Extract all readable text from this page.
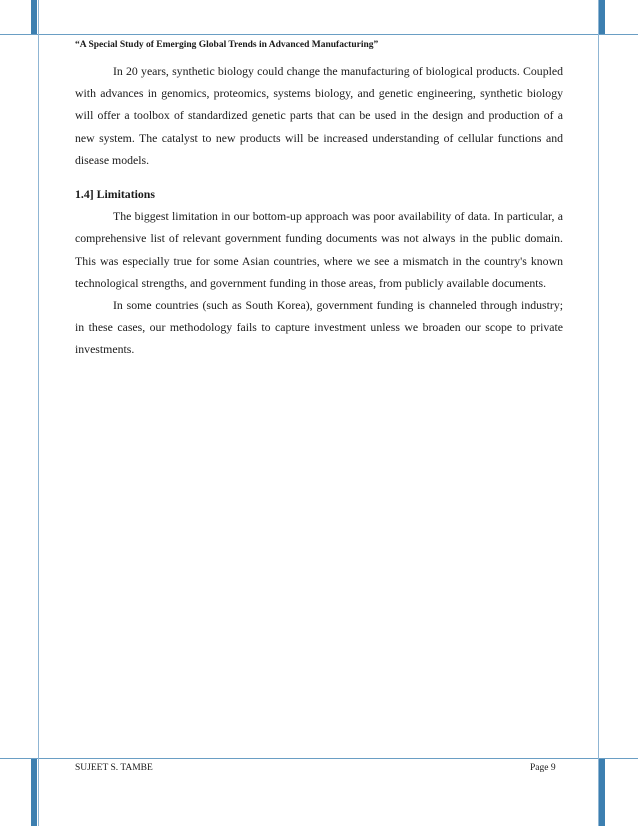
“A Special Study of Emerging Global Trends in Advanced Manufacturing”

In 20 years, synthetic biology could change the manufacturing of biological products. Coupled with advances in genomics, proteomics, systems biology, and genetic engineering, synthetic biology will offer a toolbox of standardized genetic parts that can be used in the design and production of a new system. The catalyst to new products will be increased understanding of cellular functions and disease models.

1.4] Limitations

The biggest limitation in our bottom-up approach was poor availability of data. In particular, a comprehensive list of relevant government funding documents was not always in the public domain. This was especially true for some Asian countries, where we see a mismatch in the country's known technological strengths, and government funding in those areas, from publicly available documents.

In some countries (such as South Korea), government funding is channeled through industry; in these cases, our methodology fails to capture investment unless we broaden our scope to private investments.

SUJEET S. TAMBE	Page 9
